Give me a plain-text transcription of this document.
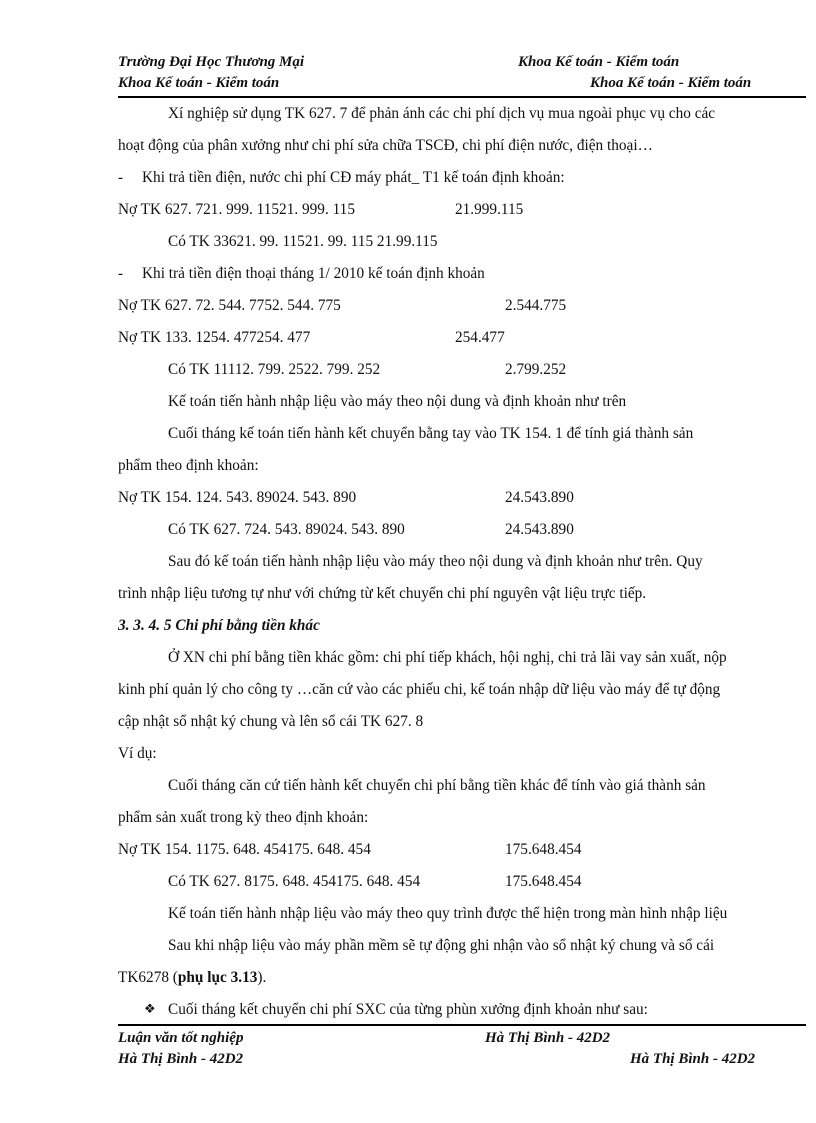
Trường Đại Học Thương Mại	Khoa Kế toán - Kiểm toán
Khoa Kế toán - Kiểm toán	Khoa Kế toán - Kiểm toán
Xí nghiệp sử dụng TK 627. 7 để phản ánh các chi phí dịch vụ mua ngoài phục vụ cho các
hoạt động của phân xưởng như chi phí sửa chữa TSCĐ, chi phí điện nước, điện thoại…
- Khi trả tiền điện, nước chi phí CĐ máy phát_ T1 kế toán định khoản:
Nợ TK 627. 721. 999. 11521. 999. 115	21.999.115
Có TK 33621. 99. 11521. 99. 115 21.99.115
- Khi trả tiền điện thoại tháng 1/ 2010 kế toán định khoản
Nợ TK 627. 72. 544. 7752. 544. 775	2.544.775
Nợ TK 133. 1254. 477254. 477	254.477
Có TK 11112. 799. 2522. 799. 252	2.799.252
Kế toán tiến hành nhập liệu vào máy theo nội dung và định khoản như trên
Cuối tháng kế toán tiến hành kết chuyển bằng tay vào TK 154. 1 để tính giá thành sản
phẩm theo định khoản:
Nợ TK 154. 124. 543. 89024. 543. 890	24.543.890
Có TK 627. 724. 543. 89024. 543. 890	24.543.890
Sau đó kế toán tiến hành nhập liệu vào máy theo nội dung và định khoản như trên. Quy
trình nhập liệu tương tự như với chứng từ kết chuyển chi phí nguyên vật liệu trực tiếp.
3. 3. 4. 5 Chi phí bằng tiền khác
Ở XN chi phí bằng tiền khác gồm: chi phí tiếp khách, hội nghị, chi trả lãi vay sản xuất, nộp
kinh phí quản lý cho công ty …căn cứ vào các phiếu chi, kế toán nhập dữ liệu vào máy để tự động
cập nhật sổ nhật ký chung và lên sổ cái TK 627. 8
Ví dụ:
Cuối tháng căn cứ tiến hành kết chuyển chi phí bằng tiền khác để tính vào giá thành sản
phẩm sản xuất trong kỳ theo định khoản:
Nợ TK 154. 1175. 648. 454175. 648. 454	175.648.454
Có TK 627. 8175. 648. 454175. 648. 454	175.648.454
Kế toán tiến hành nhập liệu vào máy theo quy trình được thể hiện trong màn hình nhập liệu
Sau khi nhập liệu vào máy phần mềm sẽ tự động ghi nhận vào sổ nhật ký chung và sổ cái
TK6278 (phụ lục 3.13).
❖ Cuối tháng kết chuyển chi phí SXC của từng phùn xưởng định khoản như sau:
Luận văn tốt nghiệp	Hà Thị Bình - 42D2
Hà Thị Bình - 42D2	Hà Thị Bình - 42D2
